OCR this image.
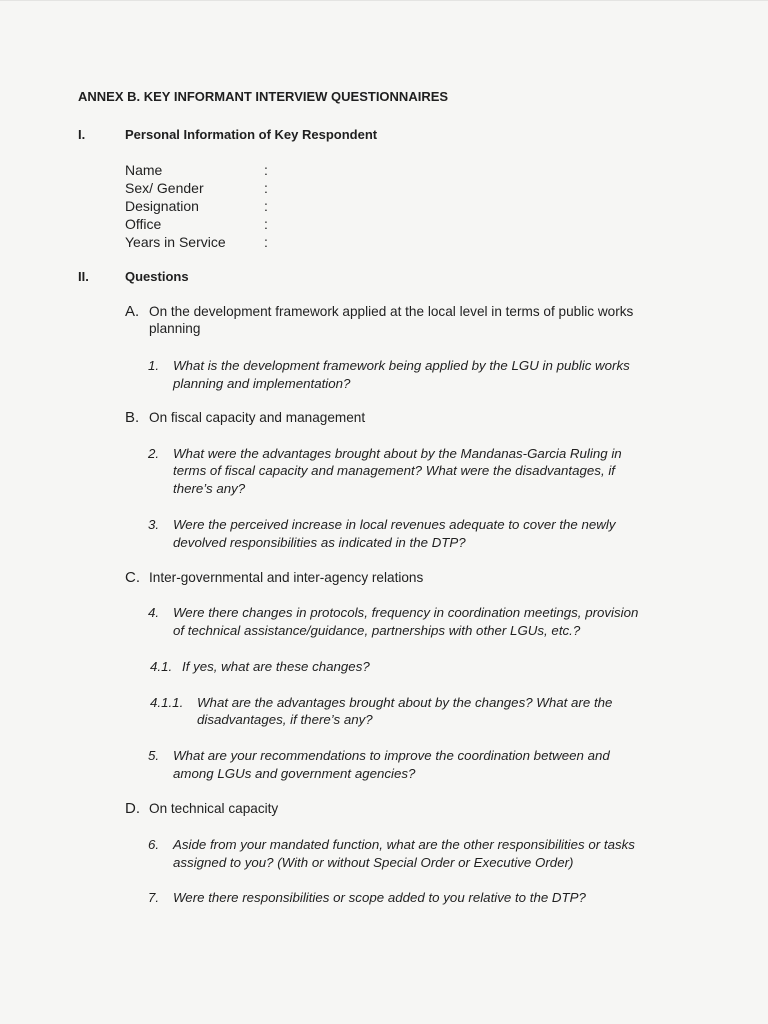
ANNEX B. KEY INFORMANT INTERVIEW QUESTIONNAIRES
I.	Personal Information of Key Respondent
Name
Sex/ Gender
Designation
Office
Years in Service
:
:
:
:
:
II.	Questions
A. On the development framework applied at the local level in terms of public works
planning
1. What is the development framework being applied by the LGU in public works
planning and implementation?
B. On fiscal capacity and management
2. What were the advantages brought about by the Mandanas-Garcia Ruling in
terms of fiscal capacity and management? What were the disadvantages, if
there’s any?
3. Were the perceived increase in local revenues adequate to cover the newly
devolved responsibilities as indicated in the DTP?
C. Inter-governmental and inter-agency relations
4. Were there changes in protocols, frequency in coordination meetings, provision
of technical assistance/guidance, partnerships with other LGUs, etc.?
4.1. If yes, what are these changes?
4.1.1. What are the advantages brought about by the changes? What are the
disadvantages, if there’s any?
5. What are your recommendations to improve the coordination between and
among LGUs and government agencies?
D. On technical capacity
6. Aside from your mandated function, what are the other responsibilities or tasks
assigned to you? (With or without Special Order or Executive Order)
7. Were there responsibilities or scope added to you relative to the DTP?
